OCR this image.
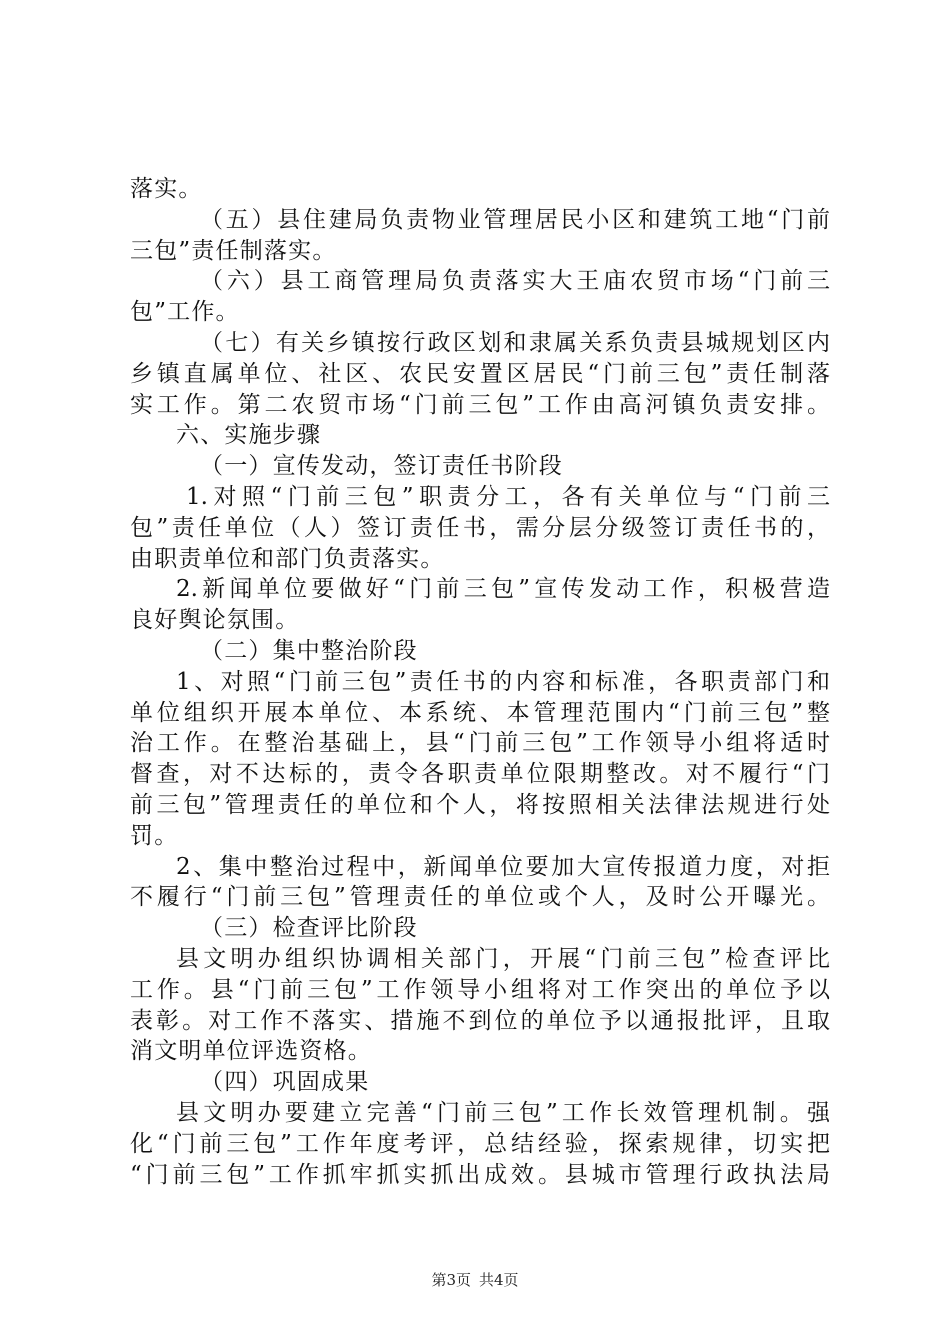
落实。
（五）县住建局负责物业管理居民小区和建筑工地“门前
三包”责任制落实。
（六）县工商管理局负责落实大王庙农贸市场“门前三
包”工作。
（七）有关乡镇按行政区划和隶属关系负责县城规划区内
乡镇直属单位、社区、农民安置区居民“门前三包”责任制落
实工作。第二农贸市场“门前三包”工作由高河镇负责安排。
六、实施步骤
（一）宣传发动，签订责任书阶段
1.对照“门前三包”职责分工，各有关单位与“门前三
包”责任单位（人）签订责任书，需分层分级签订责任书的，
由职责单位和部门负责落实。
2.新闻单位要做好“门前三包”宣传发动工作，积极营造
良好舆论氛围。
（二）集中整治阶段
1、对照“门前三包”责任书的内容和标准，各职责部门和
单位组织开展本单位、本系统、本管理范围内“门前三包”整
治工作。在整治基础上，县“门前三包”工作领导小组将适时
督查，对不达标的，责令各职责单位限期整改。对不履行“门
前三包”管理责任的单位和个人，将按照相关法律法规进行处
罚。
2、集中整治过程中，新闻单位要加大宣传报道力度，对拒
不履行“门前三包”管理责任的单位或个人，及时公开曝光。
（三）检查评比阶段
县文明办组织协调相关部门，开展“门前三包”检查评比
工作。县“门前三包”工作领导小组将对工作突出的单位予以
表彰。对工作不落实、措施不到位的单位予以通报批评，且取
消文明单位评选资格。
（四）巩固成果
县文明办要建立完善“门前三包”工作长效管理机制。强
化“门前三包”工作年度考评，总结经验，探索规律，切实把
“门前三包”工作抓牢抓实抓出成效。县城市管理行政执法局
第3页 共4页
